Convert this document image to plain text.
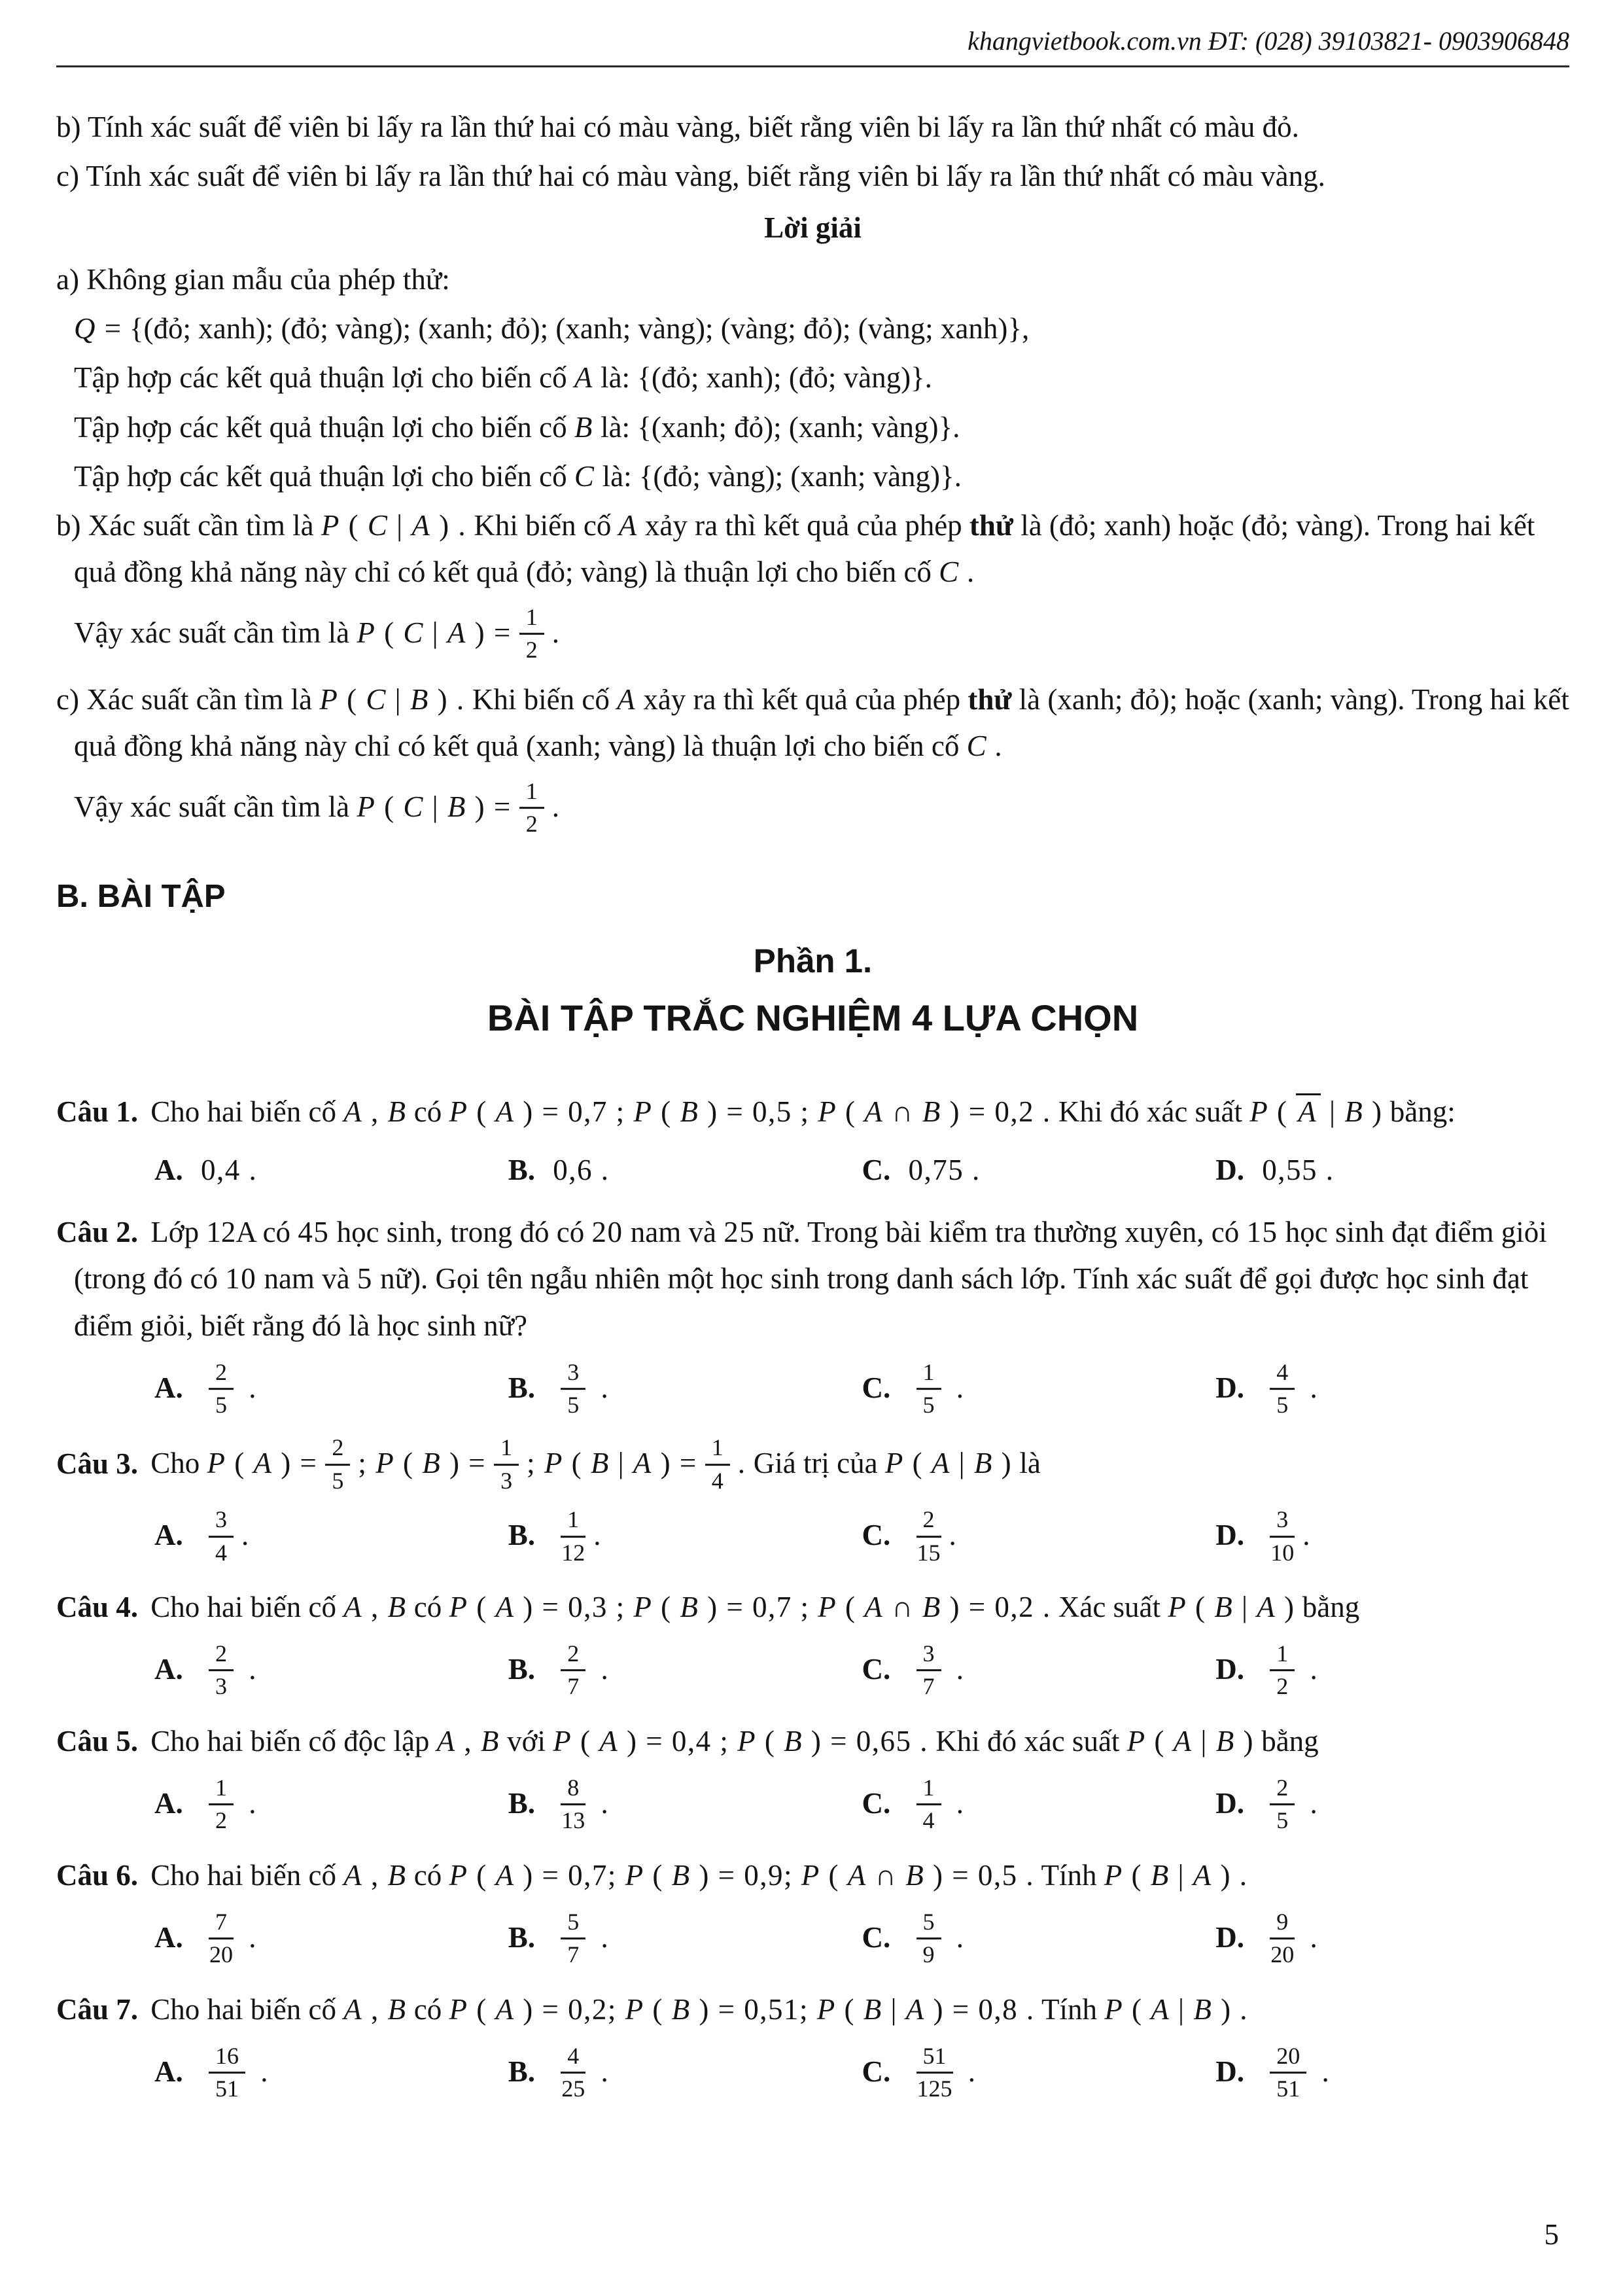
khangvietbook.com.vn ĐT: (028) 39103821- 0903906848
b) Tính xác suất để viên bi lấy ra lần thứ hai có màu vàng, biết rằng viên bi lấy ra lần thứ nhất có màu đỏ.
c) Tính xác suất để viên bi lấy ra lần thứ hai có màu vàng, biết rằng viên bi lấy ra lần thứ nhất có màu vàng.
Lời giải
a) Không gian mẫu của phép thử:
Q = {(đỏ; xanh); (đỏ; vàng); (xanh; đỏ); (xanh; vàng); (vàng; đỏ); (vàng; xanh)},
Tập hợp các kết quả thuận lợi cho biến cố A là: {(đỏ; xanh); (đỏ; vàng)}.
Tập hợp các kết quả thuận lợi cho biến cố B là: {(xanh; đỏ); (xanh; vàng)}.
Tập hợp các kết quả thuận lợi cho biến cố C là: {(đỏ; vàng); (xanh; vàng)}.
b) Xác suất cần tìm là P ( C | A ) . Khi biến cố A xảy ra thì kết quả của phép thử là (đỏ; xanh) hoặc (đỏ; vàng). Trong hai kết quả đồng khả năng này chỉ có kết quả (đỏ; vàng) là thuận lợi cho biến cố C .
Vậy xác suất cần tìm là P ( C | A ) = $\frac{1}{2}$ .
c) Xác suất cần tìm là P ( C | B ) . Khi biến cố A xảy ra thì kết quả của phép thử là (xanh; đỏ); hoặc (xanh; vàng). Trong hai kết quả đồng khả năng này chỉ có kết quả (xanh; vàng) là thuận lợi cho biến cố C .
Vậy xác suất cần tìm là P ( C | B ) = $\frac{1}{2}$ .
B. BÀI TẬP
Phần 1.
BÀI TẬP TRẮC NGHIỆM 4 LỰA CHỌN
Câu 1. Cho hai biến cố A , B có P ( A ) = 0,7 ; P ( B ) = 0,5 ; P ( A ∩ B ) = 0,2 . Khi đó xác suất P ( A | B ) bằng:
A. 0,4 .	B. 0,6 .	C. 0,75 .	D. 0,55 .
Câu 2. Lớp 12A có 45 học sinh, trong đó có 20 nam và 25 nữ. Trong bài kiểm tra thường xuyên, có 15 học sinh đạt điểm giỏi (trong đó có 10 nam và 5 nữ). Gọi tên ngẫu nhiên một học sinh trong danh sách lớp. Tính xác suất để gọi được học sinh đạt điểm giỏi, biết rằng đó là học sinh nữ?
A. $\frac{2}{5}$ .	B. $\frac{3}{5}$ .	C. $\frac{1}{5}$ .	D. $\frac{4}{5}$ .
Câu 3. Cho P ( A ) = $\frac{2}{5}$ ; P ( B ) = $\frac{1}{3}$ ; P ( B | A ) = $\frac{1}{4}$ . Giá trị của P ( A | B ) là
A. $\frac{3}{4}$ .	B. $\frac{1}{12}$ .	C. $\frac{2}{15}$ .	D. $\frac{3}{10}$ .
Câu 4. Cho hai biến cố A , B có P ( A ) = 0,3 ; P ( B ) = 0,7 ; P ( A ∩ B ) = 0,2 . Xác suất P ( B | A ) bằng
A. $\frac{2}{3}$ .	B. $\frac{2}{7}$ .	C. $\frac{3}{7}$ .	D. $\frac{1}{2}$ .
Câu 5. Cho hai biến cố độc lập A , B với P ( A ) = 0,4 ; P ( B ) = 0,65 . Khi đó xác suất P ( A | B ) bằng
A. $\frac{1}{2}$ .	B. $\frac{8}{13}$ .	C. $\frac{1}{4}$ .	D. $\frac{2}{5}$ .
Câu 6. Cho hai biến cố A , B có P ( A ) = 0,7; P ( B ) = 0,9; P ( A ∩ B ) = 0,5 . Tính P ( B | A ) .
A. $\frac{7}{20}$ .	B. $\frac{5}{7}$ .	C. $\frac{5}{9}$ .	D. $\frac{9}{20}$ .
Câu 7. Cho hai biến cố A , B có P ( A ) = 0,2; P ( B ) = 0,51; P ( B | A ) = 0,8 . Tính P ( A | B ) .
A. $\frac{16}{51}$ .	B. $\frac{4}{25}$ .	C. $\frac{51}{125}$ .	D. $\frac{20}{51}$ .
5
